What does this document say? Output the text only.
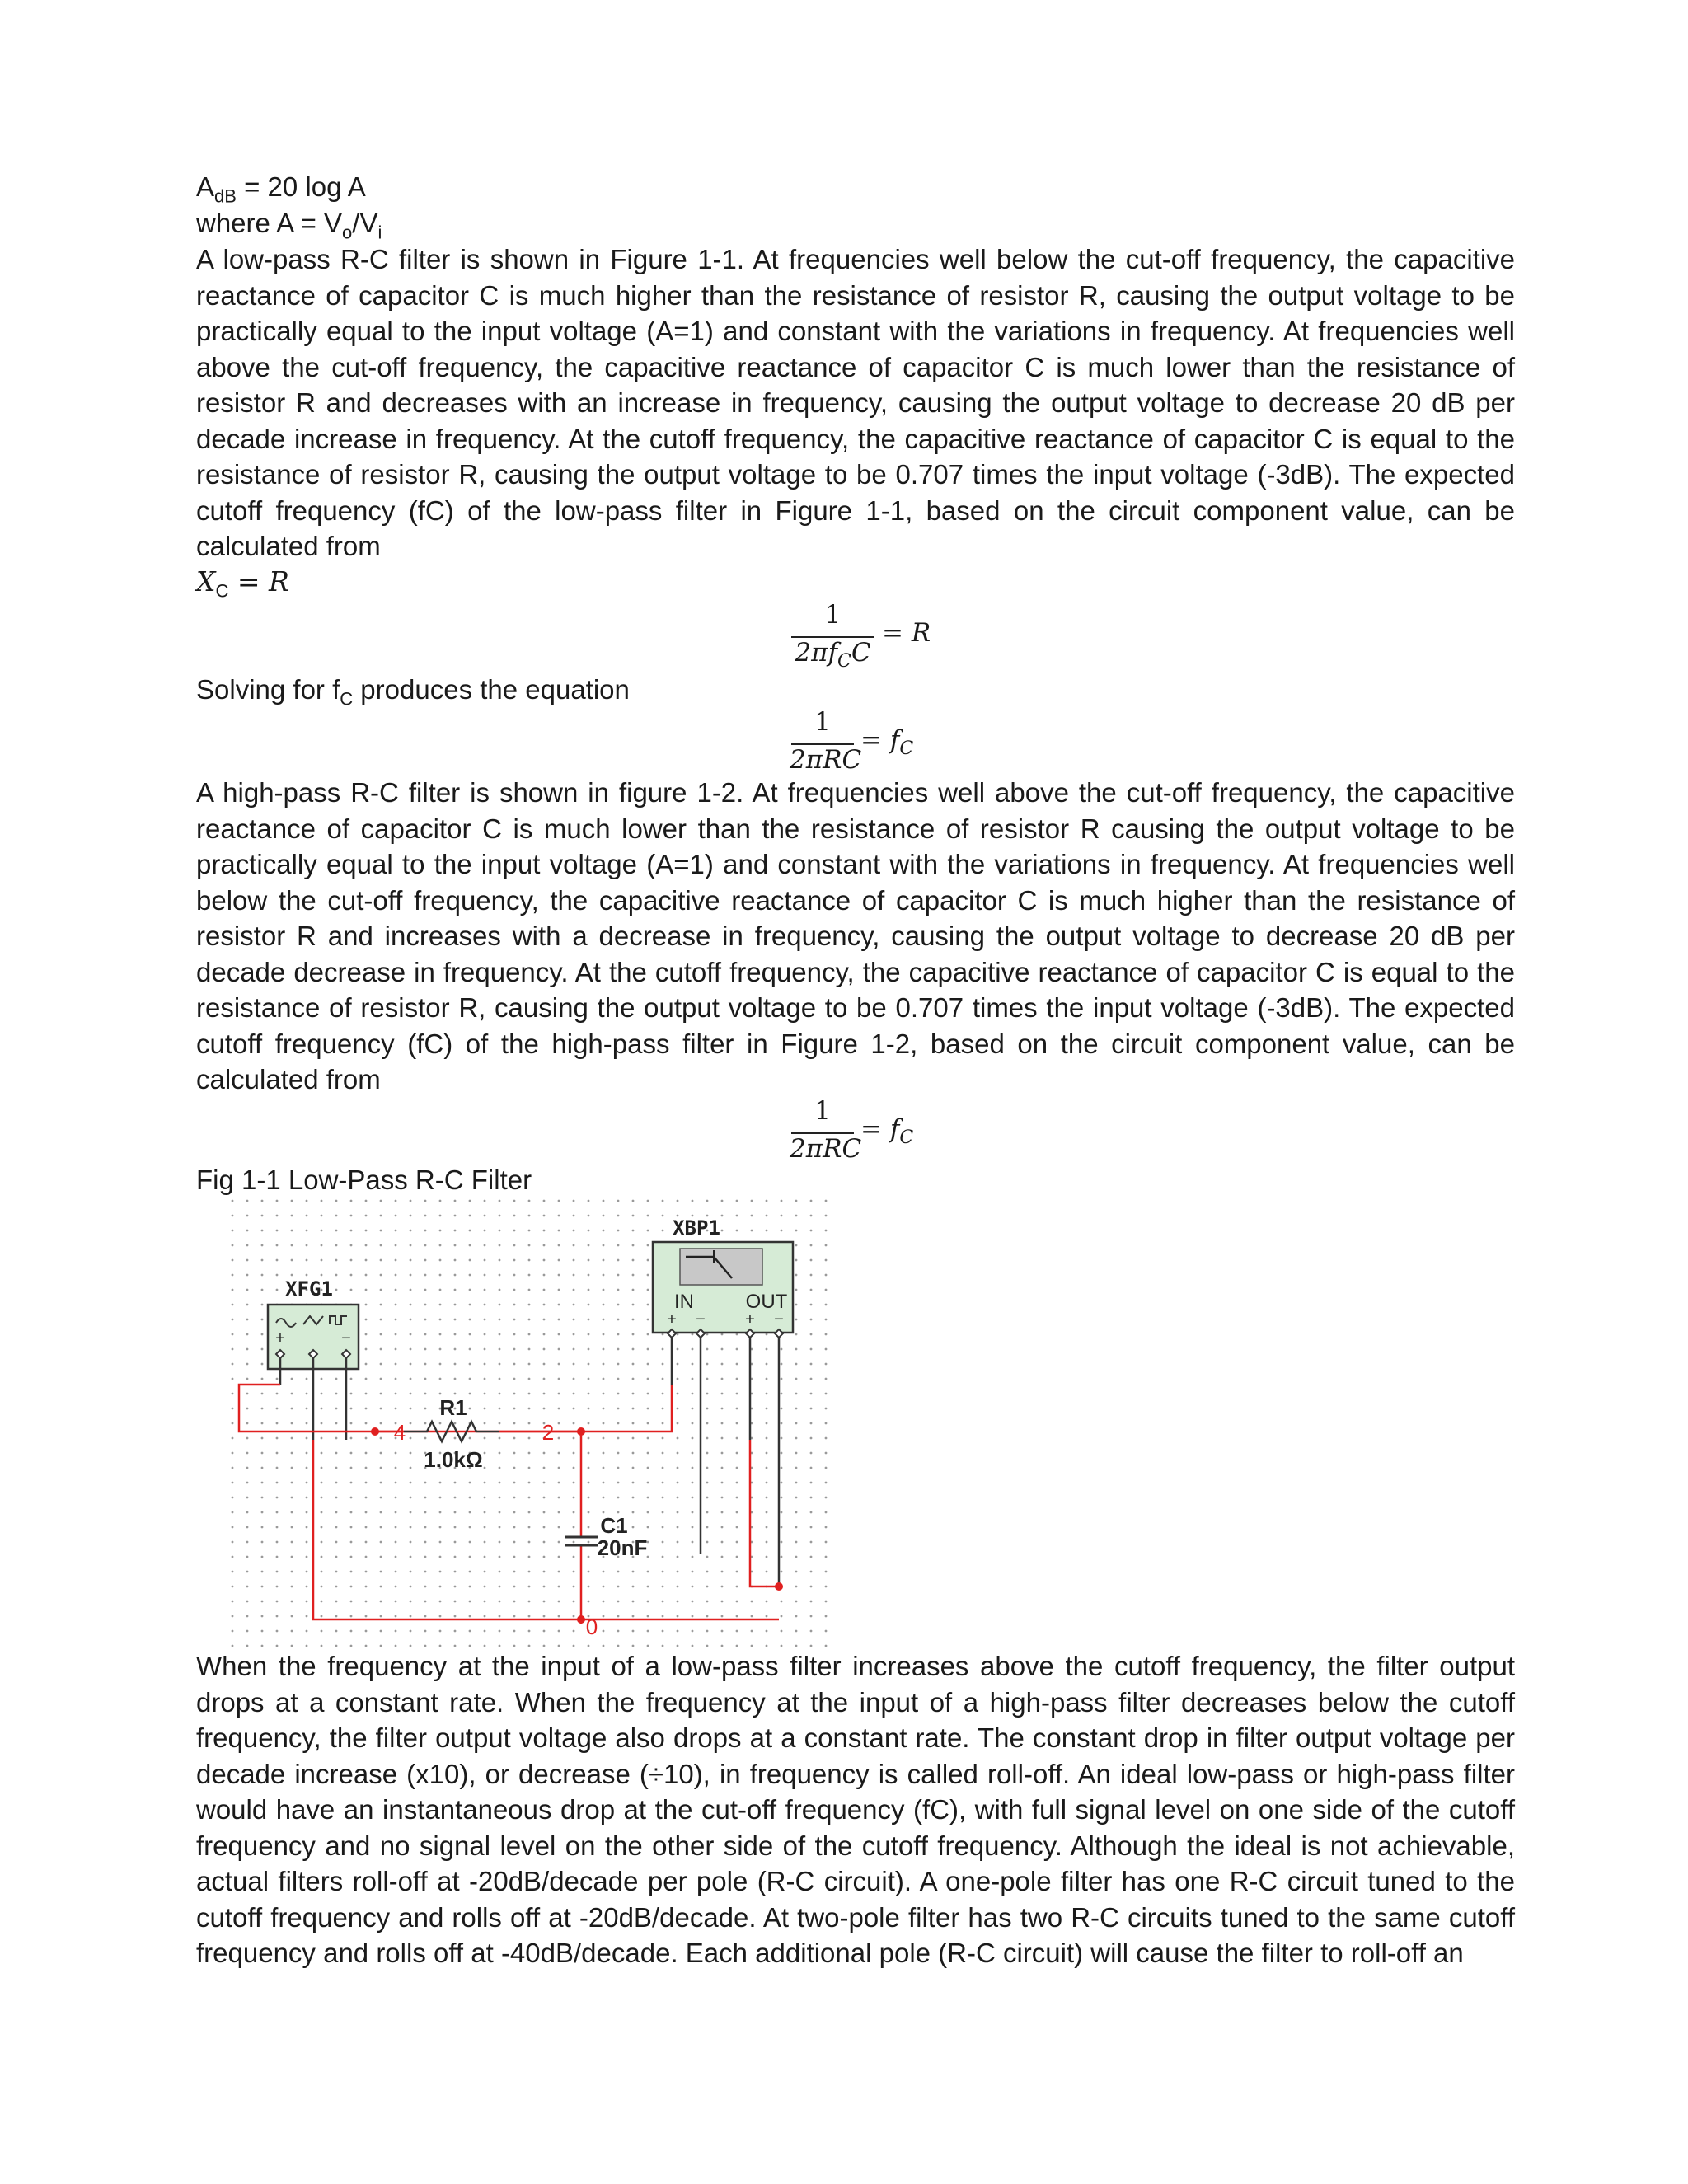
$A_{dB} = 20$ log A
where $A = V_o/V_i$
A low-pass R-C filter is shown in Figure 1-1. At frequencies well below the cut-off frequency, the capacitive reactance of capacitor C is much higher than the resistance of resistor R, causing the output voltage to be practically equal to the input voltage (A=1) and constant with the variations in frequency. At frequencies well above the cut-off frequency, the capacitive reactance of capacitor C is much lower than the resistance of resistor R and decreases with an increase in frequency, causing the output voltage to decrease 20 dB per decade increase in frequency. At the cutoff frequency, the capacitive reactance of capacitor C is equal to the resistance of resistor R, causing the output voltage to be 0.707 times the input voltage (-3dB). The expected cutoff frequency (fC) of the low-pass filter in Figure 1-1, based on the circuit component value, can be calculated from
$X_C = R$
1
$2\pi f_CC$
= R
Solving for $f_C$ produces the equation
1
2πRC
= $f_C$
A high-pass R-C filter is shown in figure 1-2. At frequencies well above the cut-off frequency, the capacitive reactance of capacitor C is much lower than the resistance of resistor R causing the output voltage to be practically equal to the input voltage (A=1) and constant with the variations in frequency. At frequencies well below the cut-off frequency, the capacitive reactance of capacitor C is much higher than the resistance of resistor R and increases with a decrease in frequency, causing the output voltage to decrease 20 dB per decade decrease in frequency. At the cutoff frequency, the capacitive reactance of capacitor C is equal to the resistance of resistor R, causing the output voltage to be 0.707 times the input voltage (-3dB). The expected cutoff frequency (fC) of the high-pass filter in Figure 1-2, based on the circuit component value, can be calculated from
1
2πRC
= $f_C$
Fig 1-1 Low-Pass R-C Filter
When the frequency at the input of a low-pass filter increases above the cutoff frequency, the filter output drops at a constant rate. When the frequency at the input of a high-pass filter decreases below the cutoff frequency, the filter output voltage also drops at a constant rate. The constant drop in filter output voltage per decade increase (x10), or decrease (÷10), in frequency is called roll-off. An ideal low-pass or high-pass filter would have an instantaneous drop at the cut-off frequency (fC), with full signal level on one side of the cutoff frequency and no signal level on the other side of the cutoff frequency. Although the ideal is not achievable, actual filters roll-off at -20dB/decade per pole (R-C circuit). A one-pole filter has one R-C circuit tuned to the cutoff frequency and rolls off at -20dB/decade. At two-pole filter has two R-C circuits tuned to the same cutoff frequency and rolls off at -40dB/decade. Each additional pole (R-C circuit) will cause the filter to roll-off an
XBP1
IN	OUT
+ − + −
XFG1
+	−
R1
1.0kΩ
C1
20nF
4	2
0
